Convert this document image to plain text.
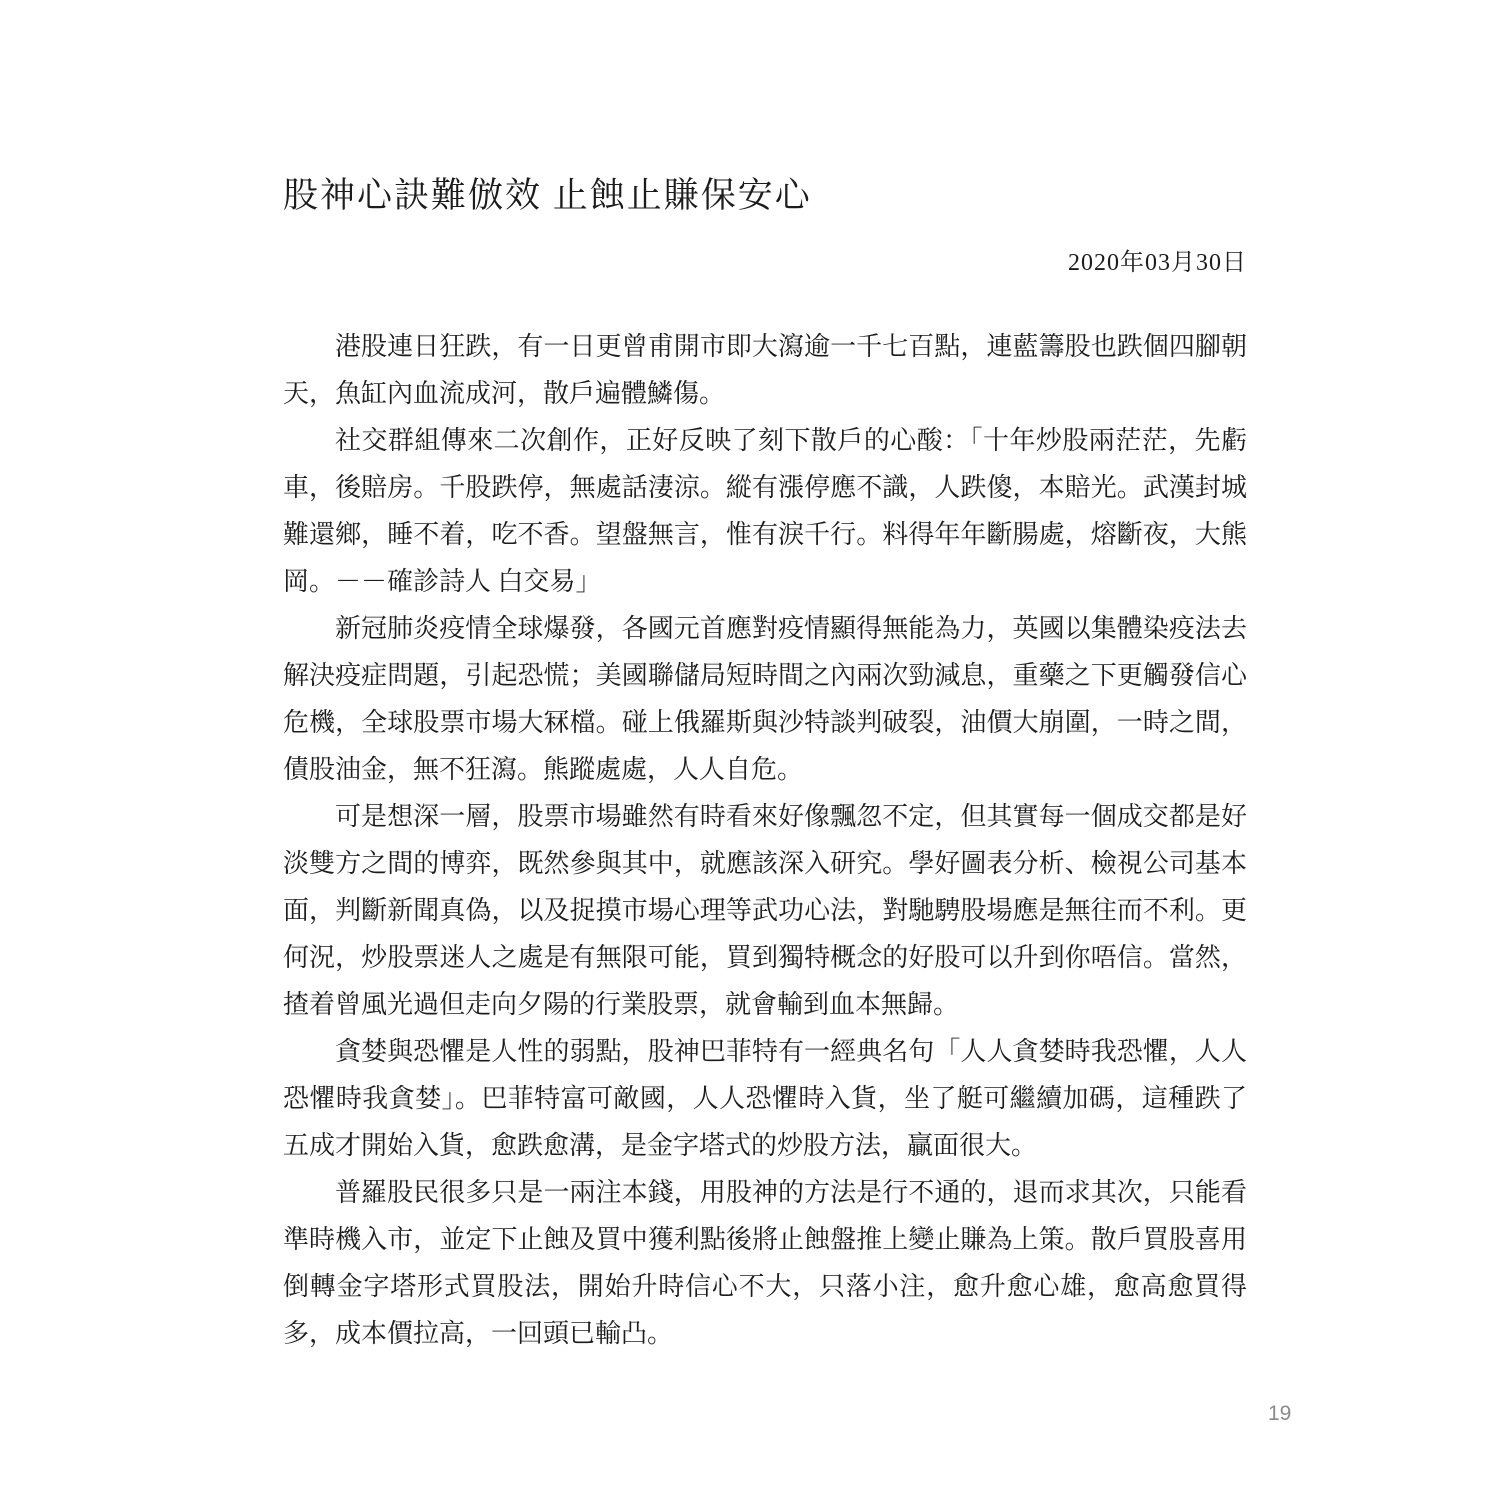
股神心訣難倣效 止蝕止賺保安心
2020年03月30日

港股連日狂跌，有一日更曾甫開市即大瀉逾一千七百點，連藍籌股也跌個四腳朝天，魚缸內血流成河，散戶遍體鱗傷。

社交群組傳來二次創作，正好反映了刻下散戶的心酸：「十年炒股兩茫茫，先虧車，後賠房。千股跌停，無處話淒涼。縱有漲停應不識，人跌傻，本賠光。武漢封城難還鄉，睡不着，吃不香。望盤無言，惟有淚千行。料得年年斷腸處，熔斷夜，大熊岡。－－確診詩人 白交易」

新冠肺炎疫情全球爆發，各國元首應對疫情顯得無能為力，英國以集體染疫法去解決疫症問題，引起恐慌；美國聯儲局短時間之內兩次勁減息，重藥之下更觸發信心危機，全球股票市場大冧檔。碰上俄羅斯與沙特談判破裂，油價大崩圍，一時之間，債股油金，無不狂瀉。熊蹤處處，人人自危。

可是想深一層，股票市場雖然有時看來好像飄忽不定，但其實每一個成交都是好淡雙方之間的博弈，既然參與其中，就應該深入研究。學好圖表分析、檢視公司基本面，判斷新聞真偽，以及捉摸市場心理等武功心法，對馳騁股場應是無往而不利。更何況，炒股票迷人之處是有無限可能，買到獨特概念的好股可以升到你唔信。當然，揸着曾風光過但走向夕陽的行業股票，就會輸到血本無歸。

貪婪與恐懼是人性的弱點，股神巴菲特有一經典名句「人人貪婪時我恐懼，人人恐懼時我貪婪」。巴菲特富可敵國，人人恐懼時入貨，坐了艇可繼續加碼，這種跌了五成才開始入貨，愈跌愈溝，是金字塔式的炒股方法，贏面很大。

普羅股民很多只是一兩注本錢，用股神的方法是行不通的，退而求其次，只能看準時機入市，並定下止蝕及買中獲利點後將止蝕盤推上變止賺為上策。散戶買股喜用倒轉金字塔形式買股法，開始升時信心不大，只落小注，愈升愈心雄，愈高愈買得多，成本價拉高，一回頭已輸凸。

19
